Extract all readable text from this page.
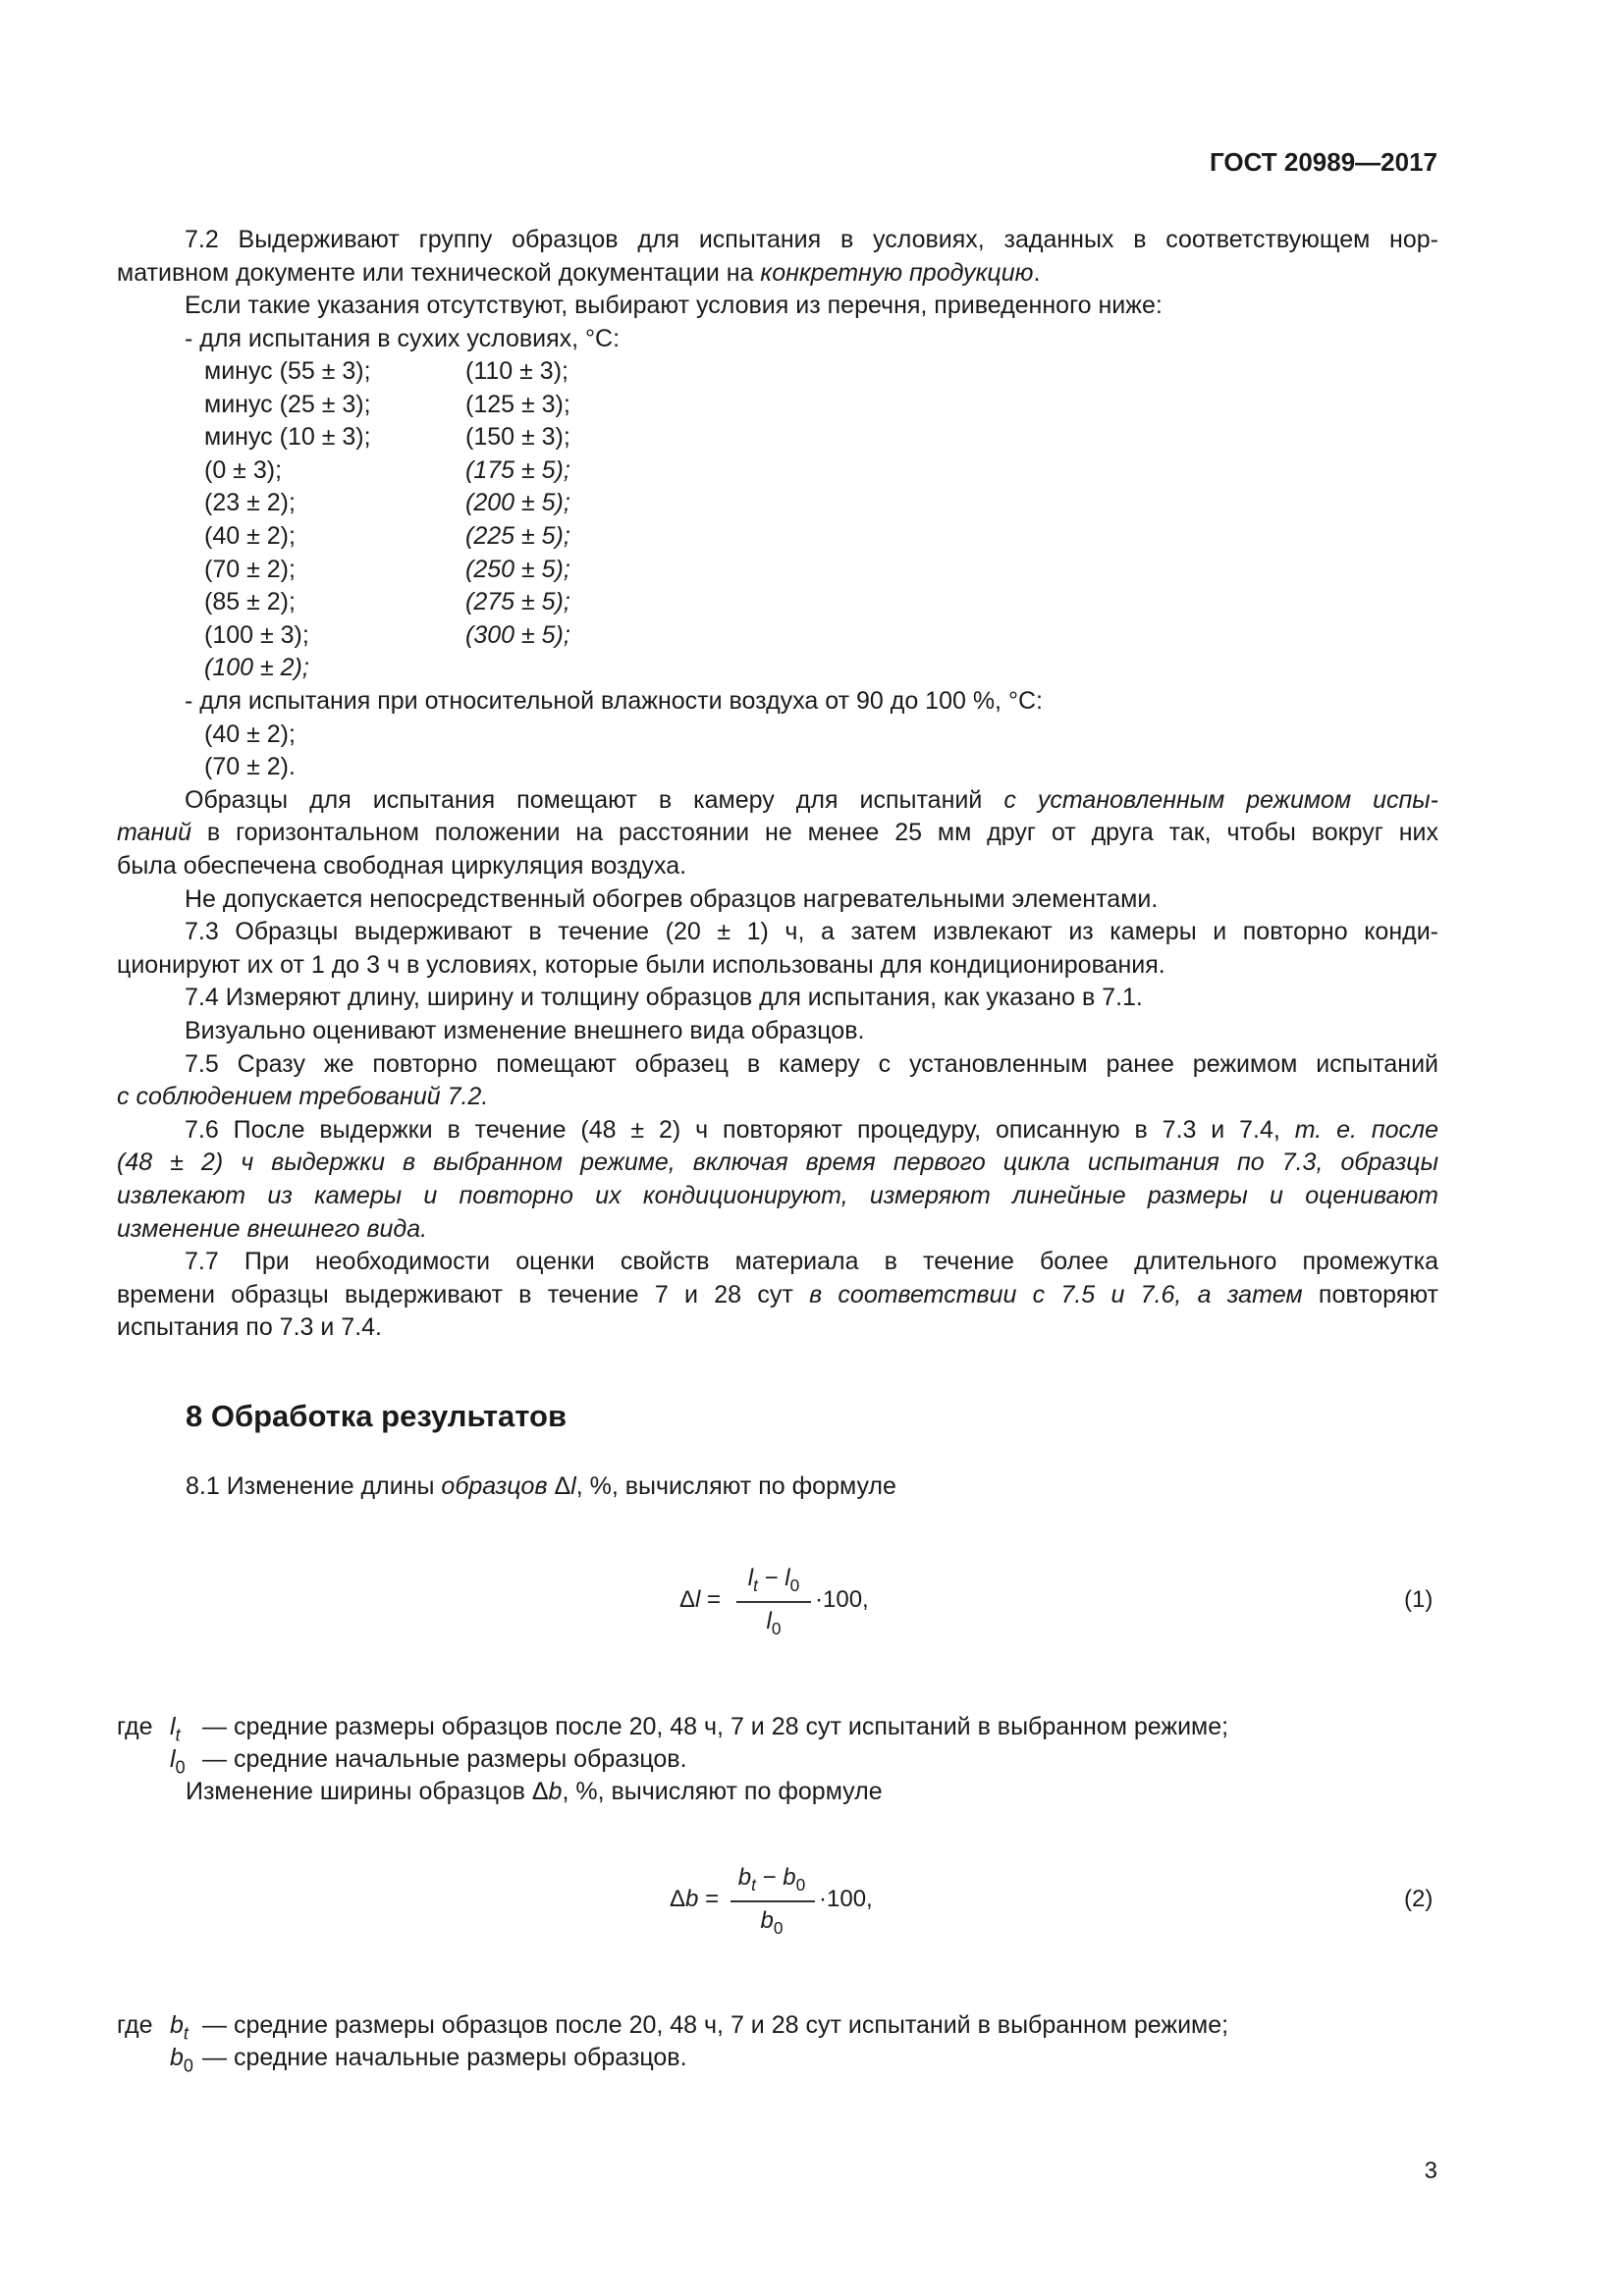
ГОСТ 20989—2017
7.2 Выдерживают группу образцов для испытания в условиях, заданных в соответствующем нор-
мативном документе или технической документации на конкретную продукцию.
Если такие указания отсутствуют, выбирают условия из перечня, приведенного ниже:
- для испытания в сухих условиях, °С:
минус (55 ± 3);
минус (25 ± 3);
минус (10 ± 3);
(0 ± 3);
(23 ± 2);
(40 ± 2);
(70 ± 2);
(85 ± 2);
(100 ± 3);
(100 ± 2);
(110 ± 3);
(125 ± 3);
(150 ± 3);
(175 ± 5);
(200 ± 5);
(225 ± 5);
(250 ± 5);
(275 ± 5);
(300 ± 5);
- для испытания при относительной влажности воздуха от 90 до 100 %, °С:
(40 ± 2);
(70 ± 2).
Образцы для испытания помещают в камеру для испытаний с установленным режимом испы-
таний в горизонтальном положении на расстоянии не менее 25 мм друг от друга так, чтобы вокруг них
была обеспечена свободная циркуляция воздуха.
Не допускается непосредственный обогрев образцов нагревательными элементами.
7.3 Образцы выдерживают в течение (20 ± 1) ч, а затем извлекают из камеры и повторно конди-
ционируют их от 1 до 3 ч в условиях, которые были использованы для кондиционирования.
7.4 Измеряют длину, ширину и толщину образцов для испытания, как указано в 7.1.
Визуально оценивают изменение внешнего вида образцов.
7.5 Сразу же повторно помещают образец в камеру с установленным ранее режимом испытаний
с соблюдением требований 7.2.
7.6 После выдержки в течение (48 ± 2) ч повторяют процедуру, описанную в 7.3 и 7.4, т. е. после
(48 ± 2) ч выдержки в выбранном режиме, включая время первого цикла испытания по 7.3, образцы
извлекают из камеры и повторно их кондиционируют, измеряют линейные размеры и оценивают
изменение внешнего вида.
7.7 При необходимости оценки свойств материала в течение более длительного промежутка
времени образцы выдерживают в течение 7 и 28 сут в соответствии с 7.5 и 7.6, а затем повторяют
испытания по 7.3 и 7.4.
8 Обработка результатов
8.1 Изменение длины образцов Δl, %, вычисляют по формуле
Δl =
$l_t - l_0$
$l_0$
·100,	(1)
где $l_t$ — средние размеры образцов после 20, 48 ч, 7 и 28 сут испытаний в выбранном режиме;
$l_0$ — средние начальные размеры образцов.
Изменение ширины образцов Δb, %, вычисляют по формуле
Δb =
$b_t - b_0$
$b_0$
·100,	(2)
где $b_t$ — средние размеры образцов после 20, 48 ч, 7 и 28 сут испытаний в выбранном режиме;
$b_0$ — средние начальные размеры образцов.
3
